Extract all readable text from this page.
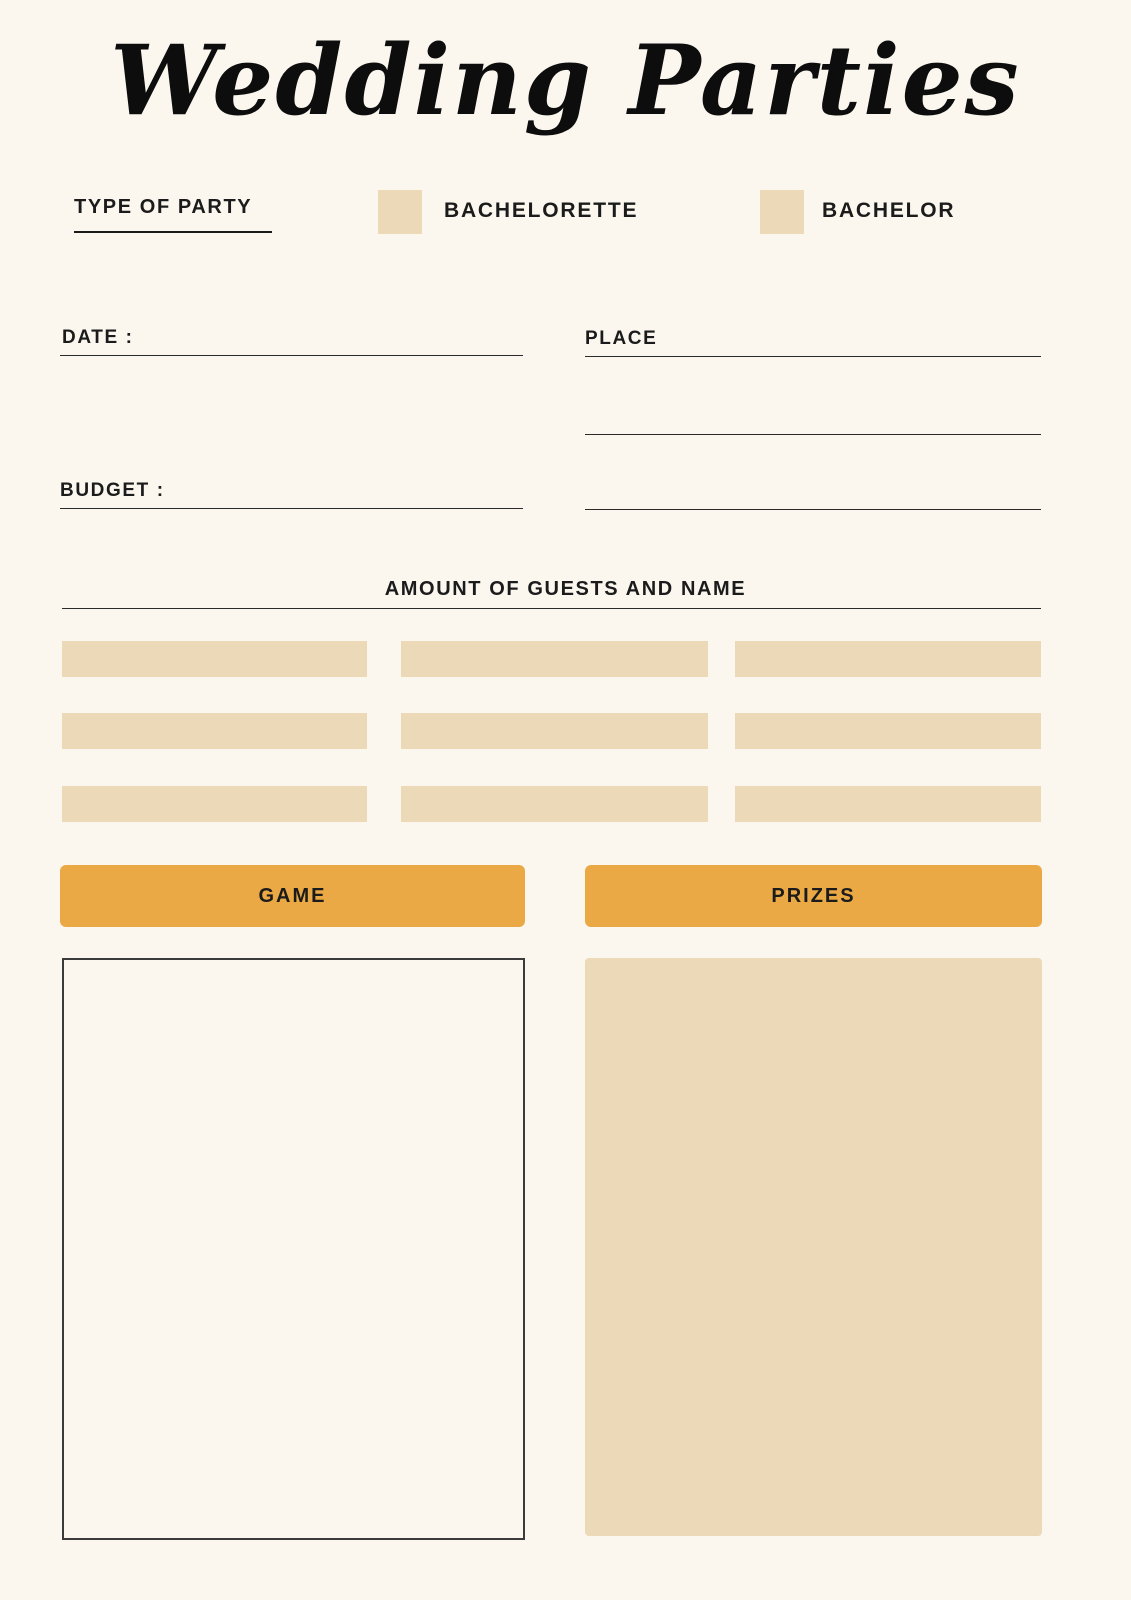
Wedding Parties
TYPE OF PARTY	BACHELORETTE	BACHELOR
DATE :
BUDGET :
PLACE
AMOUNT OF GUESTS AND NAME
GAME	PRIZES
